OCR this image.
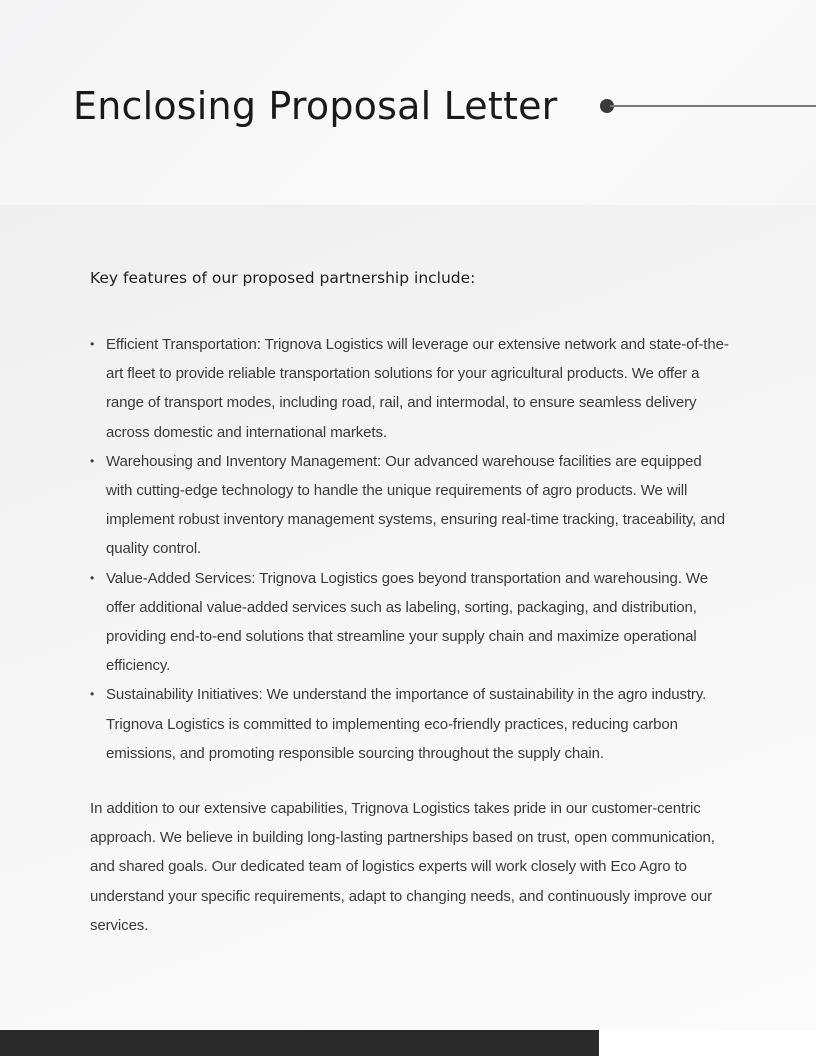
Enclosing Proposal Letter

Key features of our proposed partnership include:

• Efficient Transportation: Trignova Logistics will leverage our extensive network and state-of-the-art fleet to provide reliable transportation solutions for your agricultural products. We offer a range of transport modes, including road, rail, and intermodal, to ensure seamless delivery across domestic and international markets.
• Warehousing and Inventory Management: Our advanced warehouse facilities are equipped with cutting-edge technology to handle the unique requirements of agro products. We will implement robust inventory management systems, ensuring real-time tracking, traceability, and quality control.
• Value-Added Services: Trignova Logistics goes beyond transportation and warehousing. We offer additional value-added services such as labeling, sorting, packaging, and distribution, providing end-to-end solutions that streamline your supply chain and maximize operational efficiency.
• Sustainability Initiatives: We understand the importance of sustainability in the agro industry. Trignova Logistics is committed to implementing eco-friendly practices, reducing carbon emissions, and promoting responsible sourcing throughout the supply chain.

In addition to our extensive capabilities, Trignova Logistics takes pride in our customer-centric approach. We believe in building long-lasting partnerships based on trust, open communication, and shared goals. Our dedicated team of logistics experts will work closely with Eco Agro to understand your specific requirements, adapt to changing needs, and continuously improve our services.
